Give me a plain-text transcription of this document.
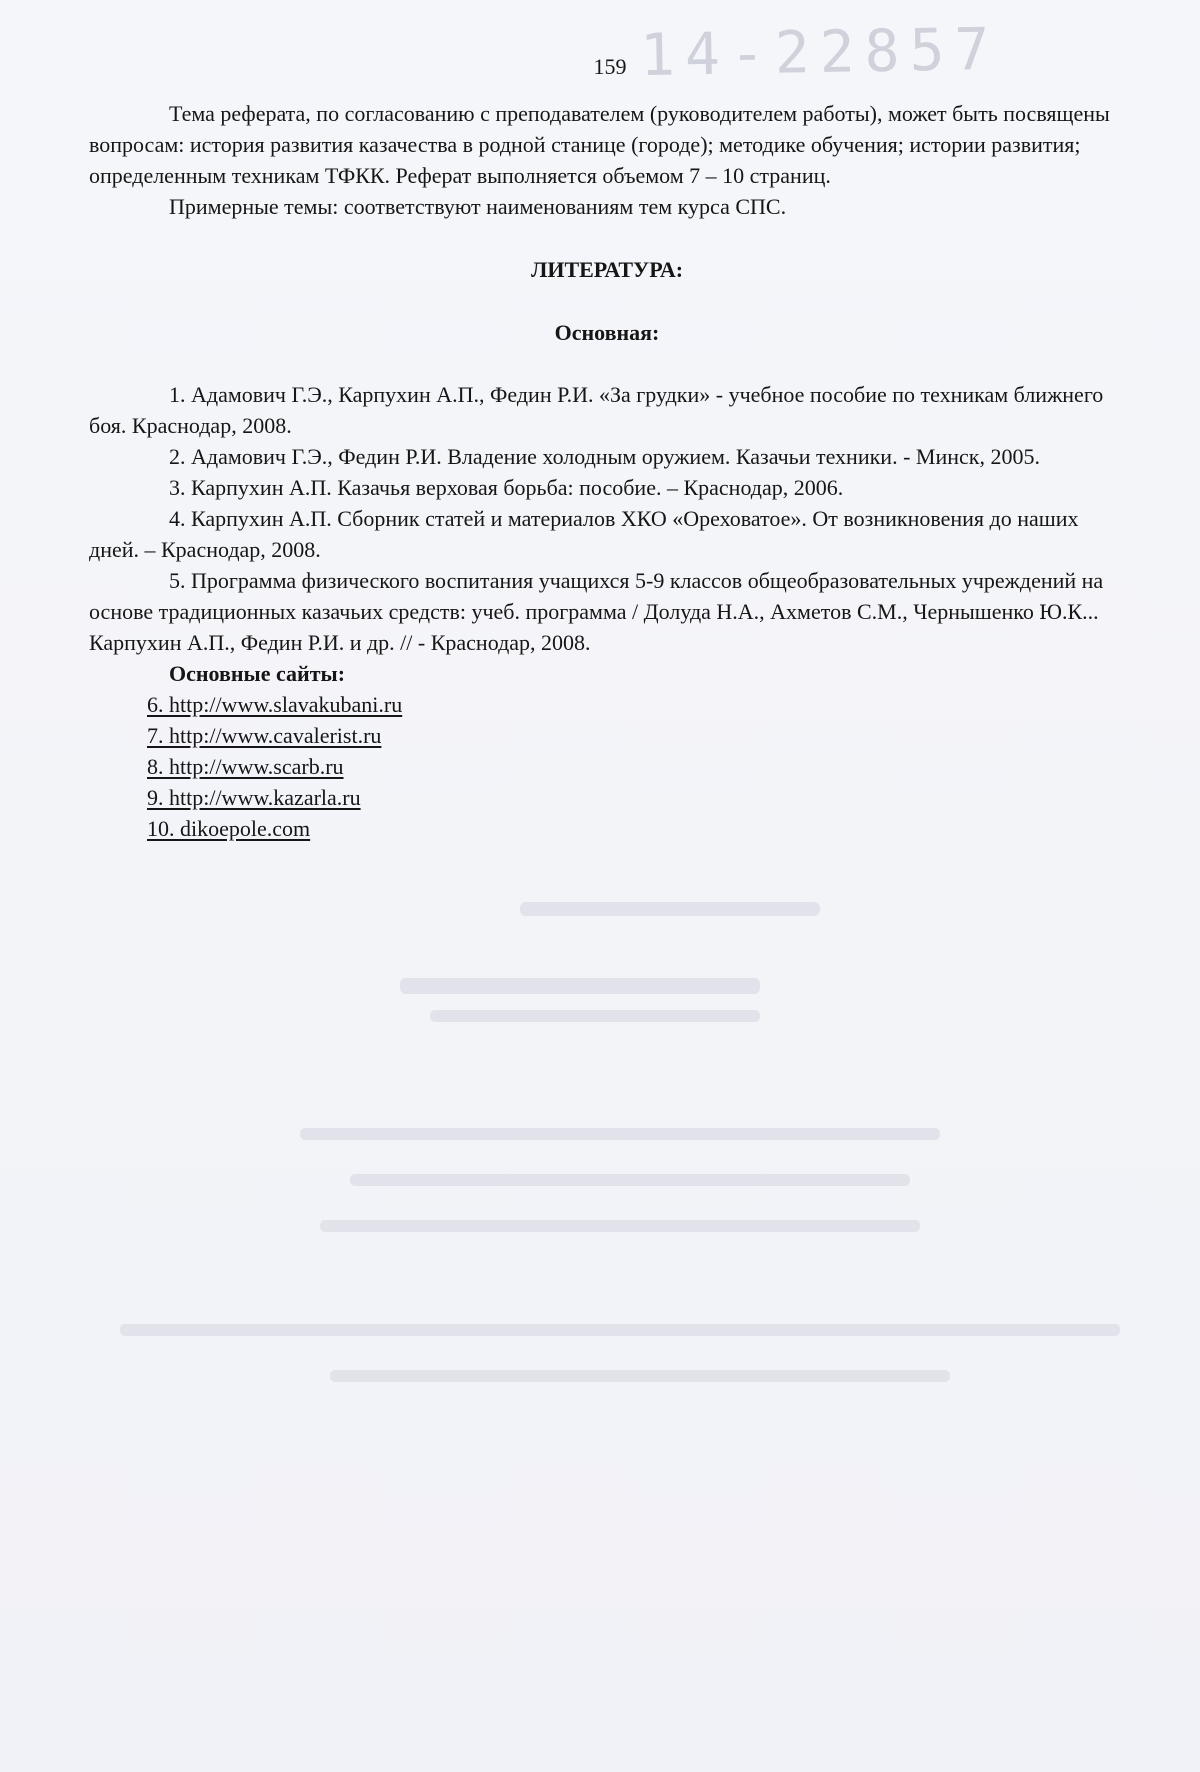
14-22857
159

Тема реферата, по согласованию с преподавателем (руководителем работы), может быть посвящены вопросам: история развития казачества в родной станице (городе); методике обучения; истории развития; определенным техникам ТФКК. Реферат выполняется объемом 7 – 10 страниц.

Примерные темы: соответствуют наименованиям тем курса СПС.

ЛИТЕРАТУРА:

Основная:

1. Адамович Г.Э., Карпухин А.П., Федин Р.И. «За грудки» - учебное пособие по техникам ближнего боя. Краснодар, 2008.

2. Адамович Г.Э., Федин Р.И. Владение холодным оружием. Казачьи техники. - Минск, 2005.

3. Карпухин А.П. Казачья верховая борьба: пособие. – Краснодар, 2006.

4. Карпухин А.П. Сборник статей и материалов ХКО «Ореховатое». От возникновения до наших дней. – Краснодар, 2008.

5. Программа физического воспитания учащихся 5-9 классов общеобразовательных учреждений на основе традиционных казачьих средств: учеб. программа / Долуда Н.А., Ахметов С.М., Чернышенко Ю.К... Карпухин А.П., Федин Р.И. и др. // - Краснодар, 2008.

Основные сайты:

6. http://www.slavakubani.ru
7. http://www.cavalerist.ru
8. http://www.scarb.ru
9. http://www.kazarla.ru
10. dikoepole.com
